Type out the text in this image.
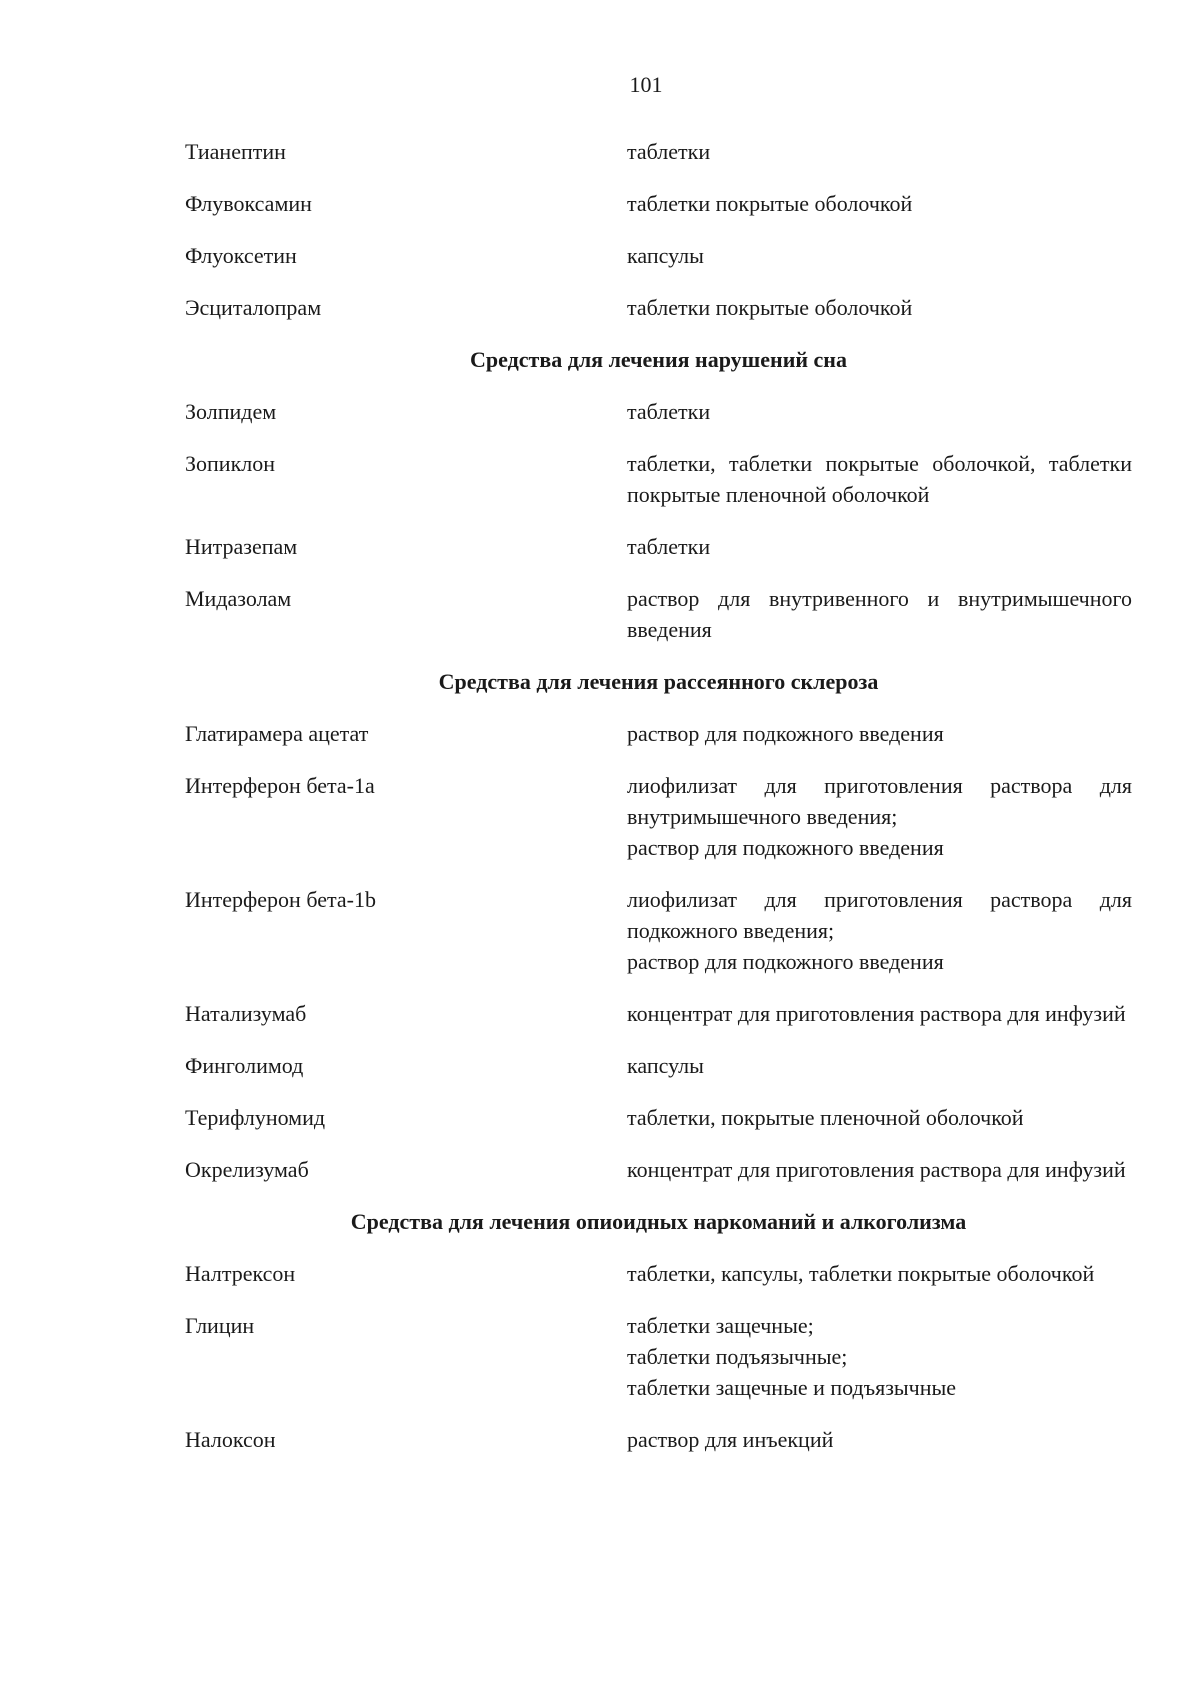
101
Тианептин	таблетки
Флувоксамин	таблетки покрытые оболочкой
Флуоксетин	капсулы
Эсциталопрам	таблетки покрытые оболочкой
Средства для лечения нарушений сна
Золпидем	таблетки
Зопиклон	таблетки, таблетки покрытые оболочкой, таблетки покрытые пленочной оболочкой
Нитразепам	таблетки
Мидазолам	раствор для внутривенного и внутримышечного введения
Средства для лечения рассеянного склероза
Глатирамера ацетат	раствор для подкожного введения
Интерферон бета-1а	лиофилизат для приготовления раствора для внутримышечного введения;
раствор для подкожного введения
Интерферон бета-1b	лиофилизат для приготовления раствора для подкожного введения;
раствор для подкожного введения
Натализумаб	концентрат для приготовления раствора для инфузий
Финголимод	капсулы
Терифлуномид	таблетки, покрытые пленочной оболочкой
Окрелизумаб	концентрат для приготовления раствора для инфузий
Средства для лечения опиоидных наркоманий и алкоголизма
Налтрексон	таблетки, капсулы, таблетки покрытые оболочкой
Глицин	таблетки защечные;
таблетки подъязычные;
таблетки защечные и подъязычные
Налоксон	раствор для инъекций
